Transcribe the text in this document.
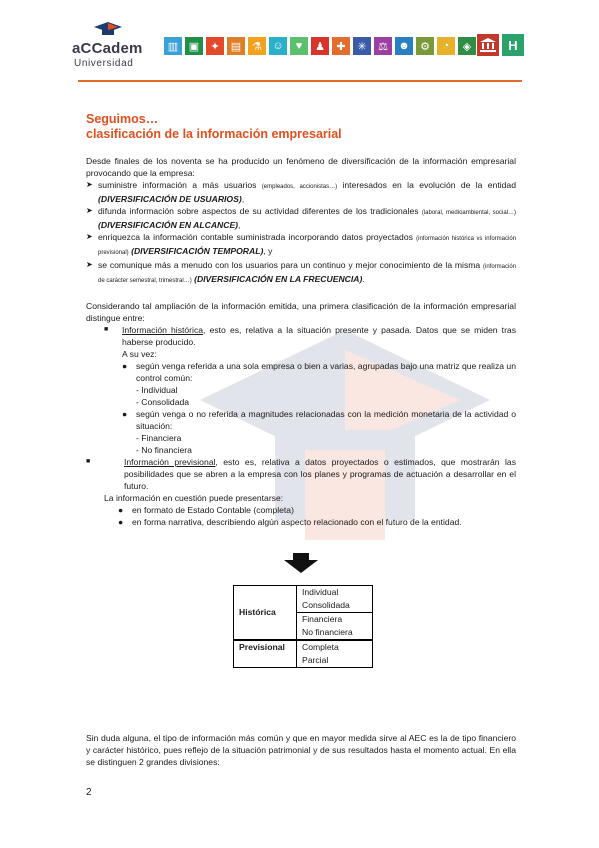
aCCadem
Universidad
▥ ▣	✦	▤ ⚗ ☺	♥	♟	✚	✳	⚖ ☻ ⚙	◔	◈	H
Seguimos…
clasificación de la información empresarial

Desde finales de los noventa se ha producido un fenómeno de diversificación de la información empresarial provocando que la empresa:

➤ suministre información a más usuarios (empleados, accionistas…) interesados en la evolución de la entidad (DIVERSIFICACIÓN DE USUARIOS),

➤ difunda información sobre aspectos de su actividad diferentes de los tradicionales (laboral, medioambiental, social…) (DIVERSIFICACIÓN EN ALCANCE),

➤ enriquezca la información contable suministrada incorporando datos proyectados (información histórica vs información previsional) (DIVERSIFICACIÓN TEMPORAL), y

➤ se comunique más a menudo con los usuarios para un continuo y mejor conocimiento de la misma (información de carácter semestral, trimestral…) (DIVERSIFICACIÓN EN LA FRECUENCIA).

Considerando tal ampliación de la información emitida, una primera clasificación de la información empresarial distingue entre:

■	Información histórica, esto es, relativa a la situación presente y pasada. Datos que se miden tras haberse producido.

A su vez:
●	según venga referida a una sola empresa o bien a varias, agrupadas bajo una matriz que realiza un control común:

- Individual
- Consolidada
●	según venga o no referida a magnitudes relacionadas con la medición monetaria de la actividad o situación:

- Financiera
- No financiera
■	Información previsional, esto es, relativa a datos proyectados o estimados, que mostrarán las posibilidades que se abren a la empresa con los planes y programas de actuación a desarrollar en el futuro.

La información en cuestión puede presentarse:
●	en formato de Estado Contable (completa)

●	en forma narrativa, describiendo algún aspecto relacionado con el futuro de la entidad.

Sin duda alguna, el tipo de información más común y que en mayor medida sirve al AEC es la de tipo financiero y carácter histórico, pues reflejo de la situación patrimonial y de sus resultados hasta el momento actual. En ella se distinguen 2 grandes divisiones:

Histórica	Individual
	Consolidada
	Financiera
	No financiera
Previsional	Completa
	Parcial
2
